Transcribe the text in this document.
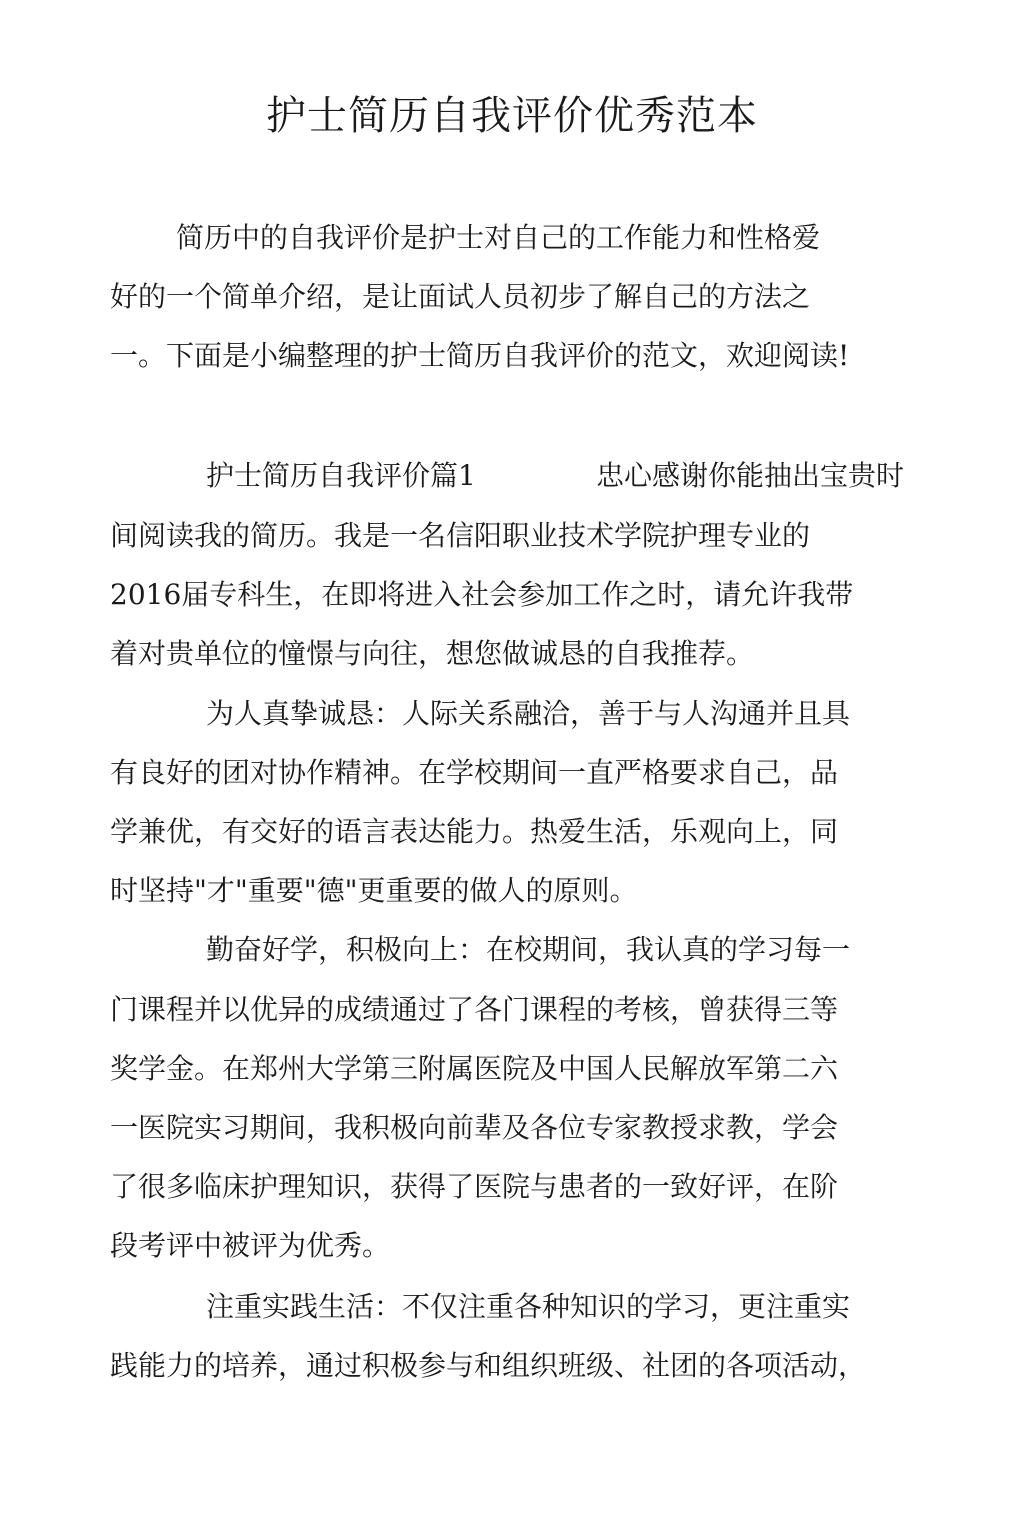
护士简历自我评价优秀范本
简历中的自我评价是护士对自己的工作能力和性格爱
好的一个简单介绍，是让面试人员初步了解自己的方法之
一。下面是小编整理的护士简历自我评价的范文，欢迎阅读!
护士简历自我评价篇1	忠心感谢你能抽出宝贵时
间阅读我的简历。我是一名信阳职业技术学院护理专业的
2016届专科生，在即将进入社会参加工作之时，请允许我带
着对贵单位的憧憬与向往，想您做诚恳的自我推荐。
为人真挚诚恳：人际关系融洽，善于与人沟通并且具
有良好的团对协作精神。在学校期间一直严格要求自己，品
学兼优，有交好的语言表达能力。热爱生活，乐观向上，同
时坚持"才"重要"德"更重要的做人的原则。
勤奋好学，积极向上：在校期间，我认真的学习每一
门课程并以优异的成绩通过了各门课程的考核，曾获得三等
奖学金。在郑州大学第三附属医院及中国人民解放军第二六
一医院实习期间，我积极向前辈及各位专家教授求教，学会
了很多临床护理知识，获得了医院与患者的一致好评，在阶
段考评中被评为优秀。
注重实践生活：不仅注重各种知识的学习，更注重实
践能力的培养，通过积极参与和组织班级、社团的各项活动，
